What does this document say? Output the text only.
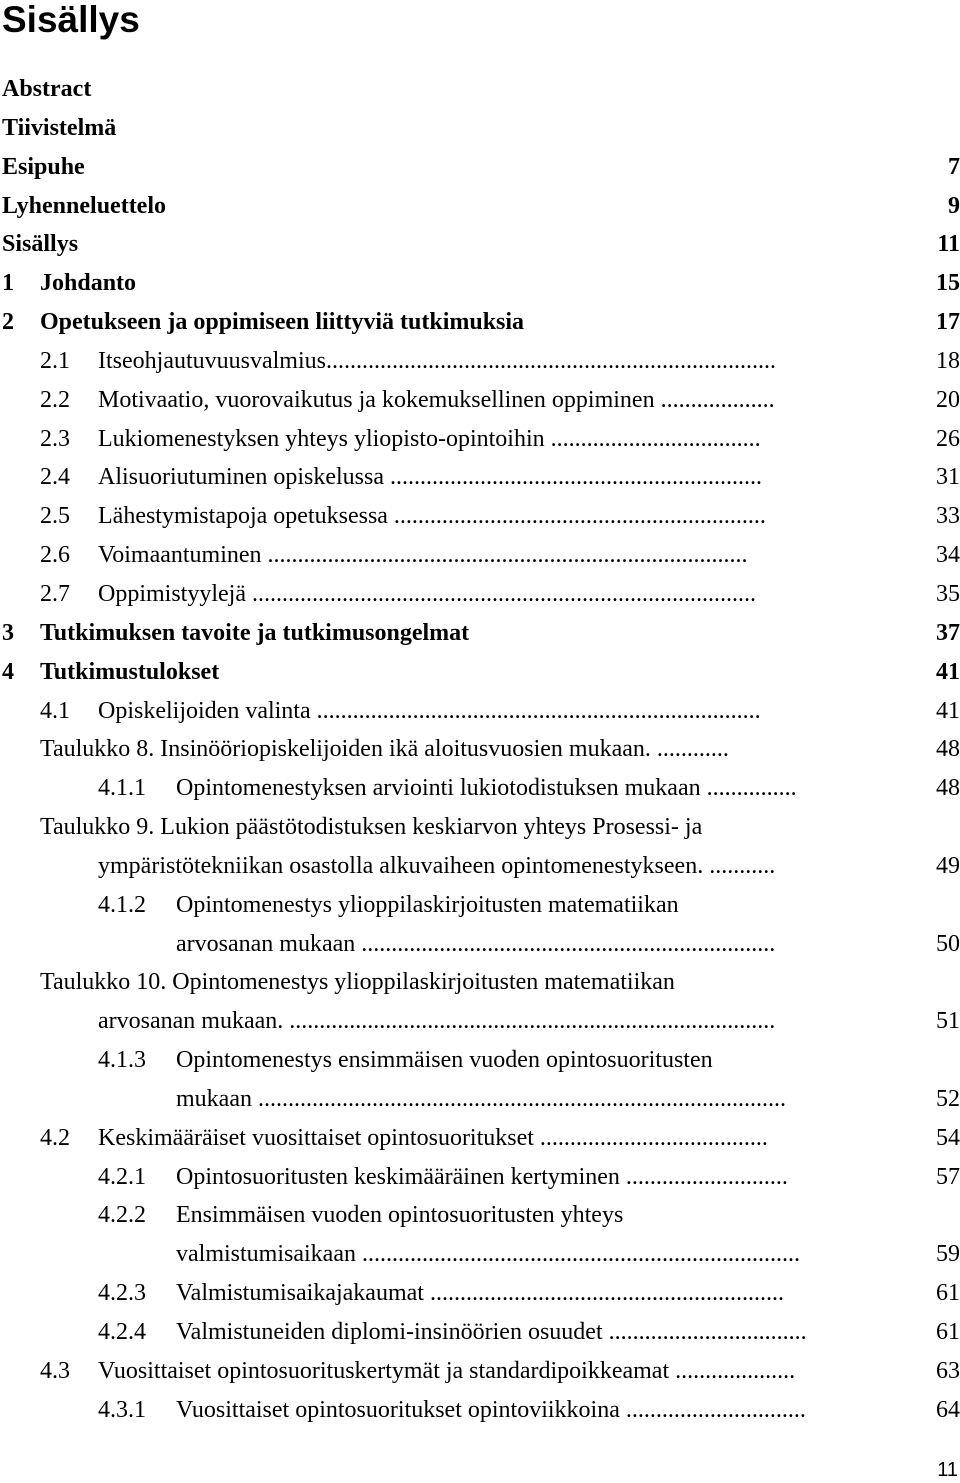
Sisällys
Abstract
Tiivistelmä
Esipuhe	7
Lyhenneluettelo	9
Sisällys	11
1 Johdanto	15
2 Opetukseen ja oppimiseen liittyviä tutkimuksia	17
2.1 Itseohjautuvuusvalmius...........................................................................	18
2.2 Motivaatio, vuorovaikutus ja kokemuksellinen oppiminen ...................	20
2.3 Lukiomenestyksen yhteys yliopisto-opintoihin ...................................	26
2.4 Alisuoriutuminen opiskelussa ..............................................................	31
2.5 Lähestymistapoja opetuksessa ..............................................................	33
2.6 Voimaantuminen ................................................................................	34
2.7 Oppimistyylejä ....................................................................................	35
3 Tutkimuksen tavoite ja tutkimusongelmat	37
4 Tutkimustulokset	41
4.1 Opiskelijoiden valinta ..........................................................................	41
Taulukko 8. Insinööriopiskelijoiden ikä aloitusvuosien mukaan. ............	48
4.1.1 Opintomenestyksen arviointi lukiotodistuksen mukaan ...............	48
Taulukko 9. Lukion päästötodistuksen keskiarvon yhteys Prosessi- ja
ympäristötekniikan osastolla alkuvaiheen opintomenestykseen. ...........	49
4.1.2 Opintomenestys ylioppilaskirjoitusten matematiikan
arvosanan mukaan .....................................................................	50
Taulukko 10. Opintomenestys ylioppilaskirjoitusten matematiikan
arvosanan mukaan. .................................................................................	51
4.1.3 Opintomenestys ensimmäisen vuoden opintosuoritusten
mukaan ........................................................................................	52
4.2 Keskimääräiset vuosittaiset opintosuoritukset ......................................	54
4.2.1 Opintosuoritusten keskimääräinen kertyminen ...........................	57
4.2.2 Ensimmäisen vuoden opintosuoritusten yhteys
valmistumisaikaan .........................................................................	59
4.2.3 Valmistumisaikajakaumat ...........................................................	61
4.2.4 Valmistuneiden diplomi-insinöörien osuudet .................................	61
4.3 Vuosittaiset opintosuorituskertymät ja standardipoikkeamat ....................	63
4.3.1 Vuosittaiset opintosuoritukset opintoviikkoina ..............................	64
11
